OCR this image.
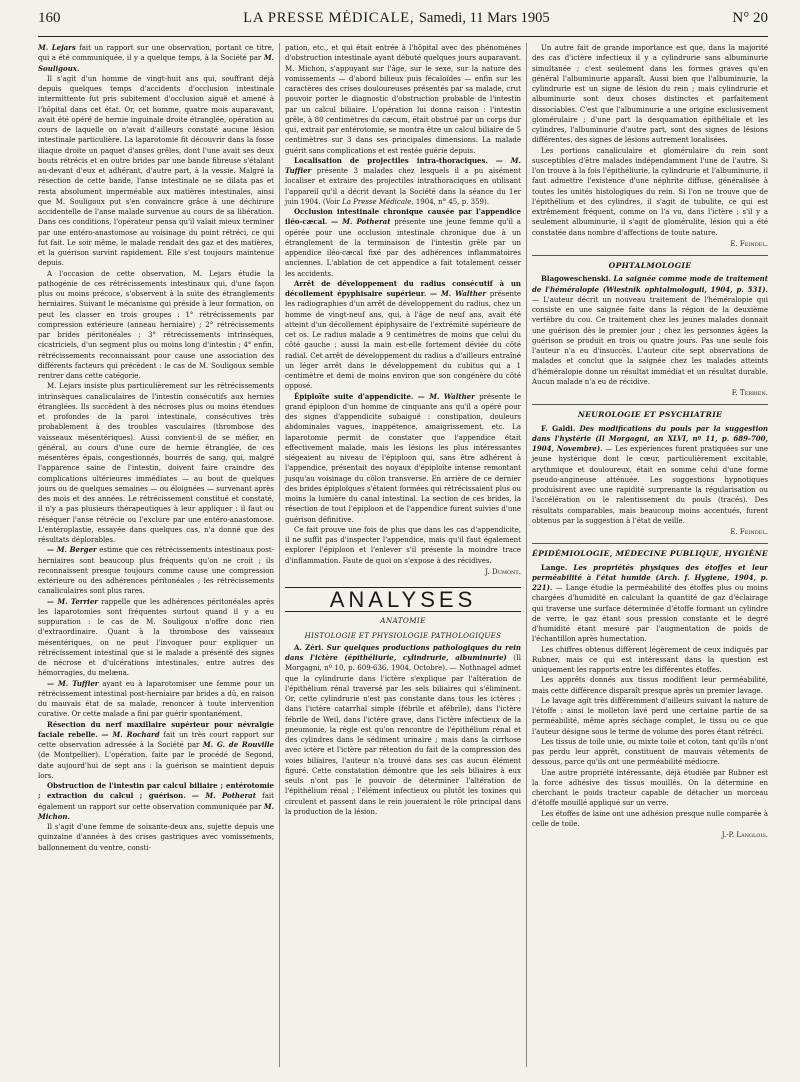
160	LA PRESSE MÉDICALE, Samedi, 11 Mars 1905	N° 20

M. Lejars fait un rapport sur une observation, portant ce titre, qui a été communiquée, il y a quelque temps, à la Société par M. Souligoux.

Il s'agit d'un homme de vingt-huit ans qui, souffrant déjà depuis quelques temps d'accidents d'occlusion intestinale intermittente fut pris subitement d'occlusion aiguë et amené à l'hôpital dans cet état. Or, cet homme, quatre mois auparavant, avait été opéré de hernie inguinale droite étranglée, opération au cours de laquelle on n'avait d'ailleurs constaté aucune lésion intestinale particulière. La laparotomie fit découvrir dans la fosse iliaque droite un paquet d'anses grêles, dont l'une avait ses deux bouts rétrécis et en outre brides par une bande fibreuse s'étalant au-devant d'eux et adhérant, d'autre part, à la vessie. Malgré la résection de cette bande, l'anse intestinale ne se dilata pas et resta absolument imperméable aux matières intestinales, ainsi que M. Souligoux put s'en convaincre grâce à une déchirure accidentelle de l'anse malade survenue au cours de sa libération. Dans ces conditions, l'opérateur pensa qu'il valait mieux terminer par une entéro-anastomose au voisinage du point rétréci, ce qui fut fait. Le soir même, le malade rendait des gaz et des matières, et la guérison survint rapidement. Elle s'est toujours maintenue depuis.

A l'occasion de cette observation, M. Lejars étudie la pathogénie de ces rétrécissements intestinaux qui, d'une façon plus ou moins précoce, s'observent à la suite des étranglements herniaires. Suivant le mécanisme qui préside à leur formation, on peut les classer en trois groupes : 1° rétrécissements par compression extérieure (anneau herniaire) ; 2° rétrécissements par brides péritonéales ; 3° rétrécissements intrinsèques, cicatriciels, d'un segment plus ou moins long d'intestin ; 4° enfin, rétrécissements reconnaissant pour cause une association des différents facteurs qui précèdent : le cas de M. Souligoux semble rentrer dans cette catégorie.

M. Lejars insiste plus particulièrement sur les rétrécissements intrinsèques canaliculaires de l'intestin consécutifs aux hernies étranglées. Ils succèdent à des nécroses plus ou moins étendues et profondes de la paroi intestinale, consécutives très probablement à des troubles vasculaires (thrombose des vaisseaux mésentériques). Aussi convient-il de se méfier, en général, au cours d'une cure de hernie étranglée, de ces mésentères épais, congestionnés, bourrés de sang, qui, malgré l'apparence saine de l'intestin, doivent faire craindre des complications ultérieures immédiates — au bout de quelques jours ou de quelques semaines — ou éloignées — survenant après des mois et des années. Le rétrécissement constitué et constaté, il n'y a pas plusieurs thérapeutiques à leur appliquer : il faut ou réséquer l'anse rétrécie ou l'exclure par une entéro-anastomose. L'entéroplastie, essayée dans quelques cas, n'a donné que des résultats déplorables.

— M. Berger estime que ces rétrécissements intestinaux post-herniaires sont beaucoup plus fréquents qu'on ne croit ; ils reconnaissent presque toujours comme cause une compression extérieure ou des adhérences péritonéales ; les rétrécissements canaliculaires sont plus rares.

— M. Terrier rappelle que les adhérences péritonéales après les laparotomies sont fréquentes surtout quand il y a eu suppuration : le cas de M. Souligoux n'offre donc rien d'extraordinaire. Quant à la thrombose des vaisseaux mésentériques, on ne peut l'invoquer pour expliquer un rétrécissement intestinal que si le malade a présenté des signes de nécrose et d'ulcérations intestinales, entre autres des hémorragies, du melæna.

— M. Tuffier ayant eu à laparotomiser une femme pour un rétrécissement intestinal post-herniaire par brides a dû, en raison du mauvais état de sa malade, renoncer à toute intervention curative. Or cette malade a fini par guérir spontanément.

Résection du nerf maxillaire supérieur pour névralgie faciale rebelle. — M. Rochard fait un très court rapport sur cette observation adressée à la Société par M. G. de Rouville (de Montpellier). L'opération, faite par le procédé de Segond, date aujourd'hui de sept ans : la guérison se maintient depuis lors.

Obstruction de l'intestin par calcul biliaire ; entérotomie ; extraction du calcul ; guérison. — M. Potherat fait également un rapport sur cette observation communiquée par M. Michon.

Il s'agit d'une femme de soixante-deux ans, sujette depuis une quinzaine d'années à des crises gastriques avec vomissements, ballonnement du ventre, consti-

pation, etc., et qui était entrée à l'hôpital avec des phénomènes d'obstruction intestinale ayant débuté quelques jours auparavant. M. Michon, s'appuyant sur l'âge, sur le sexe, sur la nature des vomissements — d'abord bilieux puis fécaloïdes — enfin sur les caractères des crises douloureuses présentés par sa malade, crut pouvoir porter le diagnostic d'obstruction probable de l'intestin par un calcul biliaire. L'opération lui donna raison : l'intestin grêle, à 80 centimètres du cæcum, était obstrué par un corps dur qui, extrait par entérotomie, se montra être un calcul biliaire de 5 centimètres sur 3 dans ses principales dimensions. La malade guérit sans complications et est restée guérie depuis.

Localisation de projectiles intra-thoraciques. — M. Tuffier présente 3 malades chez lesquels il a pu aisément localiser et extraire des projectiles intrathoraciques en utilisant l'appareil qu'il a décrit devant la Société dans la séance du 1er juin 1904. (Voir La Presse Médicale, 1904, n° 45, p. 359).

Occlusion intestinale chronique causée par l'appendice iléo-cæcal. — M. Potherat présente une jeune femme qu'il a opérée pour une occlusion intestinale chronique due à un étranglement de la terminaison de l'intestin grêle par un appendice iléo-cæcal fixé par des adhérences inflammatoires anciennes. L'ablation de cet appendice a fait totalement cesser les accidents.

Arrêt de développement du radius consécutif à un décollement épyphisaire supérieur. — M. Walther présente les radiographies d'un arrêt de développement du radius, chez un homme de vingt-neuf ans, qui, à l'âge de neuf ans, avait été atteint d'un décollement épiphysaire de l'extrémité supérieure de cet os. Le radius malade a 9 centimètres de moins que celui du côté gauche ; aussi la main est-elle fortement déviée du côté radial. Cet arrêt de développement du radius a d'ailleurs entraîné un léger arrêt dans le développement du cubitus qui a 1 centimètre et demi de moins environ que son congénère du côté opposé.

Épiploïte suite d'appendicite. — M. Walther présente le grand épiploon d'un homme de cinquante ans qu'il a opéré pour des signes d'appendicite subaiguë : constipation, douleurs abdominales vagues, inappétence, amaigrissement, etc. La laparotomie permit de constater que l'appendice était effectivement malade, mais les lésions les plus intéressantes siégeaient au niveau de l'épiploon qui, sans être adhérent à l'appendice, présentait des noyaux d'épiploïte intense remontant jusqu'au voisinage du côlon transverse. En arrière de ce dernier des brides épiploïques s'étaient formées qui rétrécissaient plus ou moins la lumière du canal intestinal. La section de ces brides, la résection de tout l'épiploon et de l'appendice furent suivies d'une guérison définitive.

Ce fait prouve une fois de plus que dans les cas d'appendicite, il ne suffit pas d'inspecter l'appendice, mais qu'il faut également explorer l'épiploon et l'enlever s'il présente la moindre trace d'inflammation. Faute de quoi on s'expose à des récidives.

J. Dumont.
ANALYSES
ANATOMIE
HISTOLOGIE ET PHYSIOLOGIE PATHOLOGIQUES

A. Zéri. Sur quelques productions pathologiques du rein dans l'ictère (épithéliurie, cylindrurie, albuminurie) (Il Morgagni, nº 10, p. 609-636, 1904, Octobre). — Nothnagel admet que la cylindrurie dans l'ictère s'explique par l'altération de l'épithélium rénal traversé par les sels biliaires qui s'éliminent. Or, cette cylindrurie n'est pas constante dans tous les ictères ; dans l'ictère catarrhal simple (fébrile et afébrile), dans l'ictère fébrile de Weil, dans l'ictère grave, dans l'ictère infectieux de la pneumonie, la règle est qu'on rencontre de l'épithélium rénal et des cylindres dans le sédiment urinaire ; mais dans la cirrhose avec ictère et l'ictère par rétention du fait de la compression des voies biliaires, l'auteur n'a trouvé dans ses cas aucun élément figuré. Cette constatation démontre que les sels biliaires à eux seuls n'ont pas le pouvoir de déterminer l'altération de l'épithélium rénal ; l'élément infectieux ou plutôt les toxines qui circulent et passent dans le rein joueraient le rôle principal dans la production de la lésion.

Un autre fait de grande importance est que, dans la majorité des cas d'ictère infectieux il y a cylindrurie sans albuminurie simultanée ; c'est seulement dans les formes graves qu'en général l'albuminurie apparaît. Aussi bien que l'albuminurie, la cylindrurie est un signe de lésion du rein ; mais cylindrurie et albuminurie sont deux choses distinctes et parfaitement dissociables. C'est que l'albuminurie a une origine exclusivement glomérulaire ; d'une part la desquamation épithéliale et les cylindres, l'albuminurie d'autre part, sont des signes de lésions différentes, des signes de lésions autrement localisées.

Les portions canaliculaire et glomérulaire du rein sont susceptibles d'être malades indépendamment l'une de l'autre. Si l'on trouve à la fois l'épithéliurie, la cylindrurie et l'albuminurie, il faut admettre l'existence d'une néphrite diffuse, généralisée à toutes les unités histologiques du rein. Si l'on ne trouve que de l'épithélium et des cylindres, il s'agit de tubulite, ce qui est extrêmement fréquent, comme on l'a vu, dans l'ictère ; s'il y a seulement albuminurie, il s'agit de glomérulite, lésion qui a été constatée dans nombre d'affections de toute nature.

E. Feindel.
OPHTALMOLOGIE

Blagoweschenski. La saignée comme mode de traitement de l'héméralopie (Wiestnik ophtalmologuii, 1904, p. 531). — L'auteur décrit un nouveau traitement de l'héméralopie qui consiste en une saignée faite dans la région de la deuxième vertèbre du cou. Ce traitement chez les jeunes malades donnait une guérison dès le premier jour ; chez les personnes âgées la guérison se produit en trois ou quatre jours. Pas une seule fois l'auteur n'a eu d'insuccès. L'auteur cite sept observations de malades et conclut que la saignée chez les malades atteints d'héméralopie donne un résultat immédiat et un résultat durable. Aucun malade n'a eu de récidive.

F. Terrien.
NEUROLOGIE ET PSYCHIATRIE

F. Galdi. Des modifications du pouls par la suggestion dans l'hystérie (Il Morgagni, an XLVI, nº 11, p. 689-700, 1904, Novembre). — Les expériences furent pratiquées sur une jeune hystérique dont le cœur, particulièrement excitable, arythmique et douloureux, était en somme celui d'une forme pseudo-angineuse atténuée. Les suggestions hypnotiques produisirent avec une rapidité surprenante la régularisation ou l'accélération ou le ralentissement du pouls (tracés). Des résultats comparables, mais beaucoup moins accentués, furent obtenus par la suggestion à l'état de veille.

E. Feindel.
ÉPIDÉMIOLOGIE, MÉDECINE PUBLIQUE, HYGIÈNE

Lange. Les propriétés physiques des étoffes et leur perméabilité à l'état humide (Arch. f. Hygiene, 1904, p. 221). — Lange étudie la perméabilité des étoffes plus ou moins chargées d'humidité en calculant la quantité de gaz d'éclairage qui traverse une surface déterminée d'étoffe formant un cylindre de verre, le gaz étant sous pression constante et le degré d'humidité étant mesuré par l'augmentation de poids de l'échantillon après humectation.

Les chiffres obtenus diffèrent légèrement de ceux indiqués par Rubner, mais ce qui est intéressant dans la question est uniquement les rapports entre les différentes étoffes.

Les apprêts donnés aux tissus modifient leur perméabilité, mais cette différence disparaît presque après un premier lavage.

Le lavage agit très différemment d'ailleurs suivant la nature de l'étoffe : ainsi le molleton lavé perd une certaine partie de sa perméabilité, même après séchage complet, le tissu ou ce que l'auteur désigne sous le terme de volume des pores étant rétréci.

Les tissus de toile unie, ou mixte toile et coton, tant qu'ils n'ont pas perdu leur apprêt, constituent de mauvais vêtements de dessous, parce qu'ils ont une perméabilité médiocre.

Une autre propriété intéressante, déjà étudiée par Rubner est la force adhésive des tissus mouillés. On la détermine en cherchant le poids tracteur capable de détacher un morceau d'étoffe mouillé appliqué sur un verre.

Les étoffes de laine ont une adhésion presque nulle comparée à celle de toile.

J.-P. Langlois.
